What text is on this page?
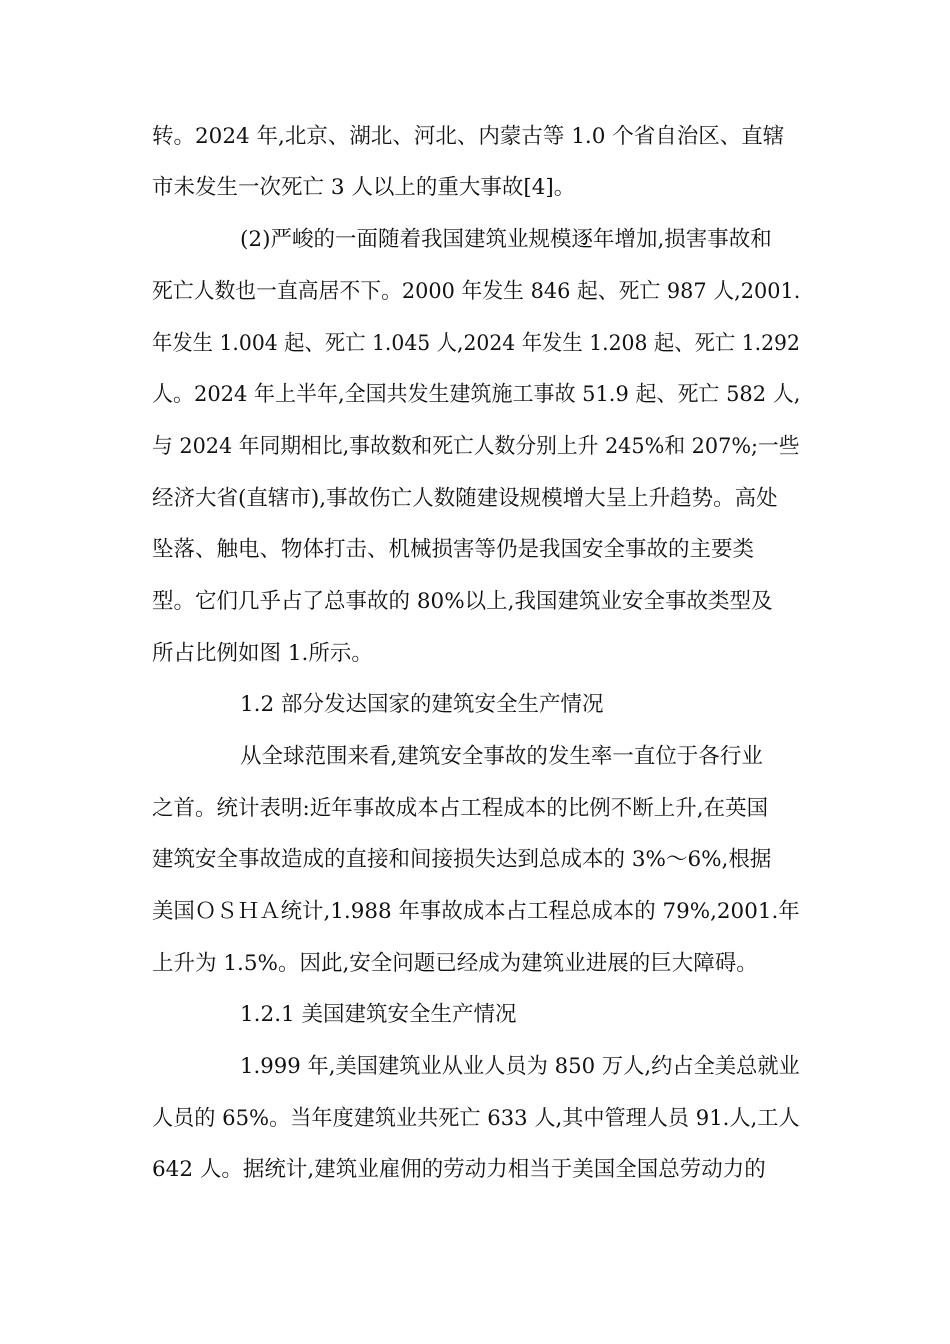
转。2024 年,北京、湖北、河北、内蒙古等 1.0 个省自治区、直辖
市未发生一次死亡 3 人以上的重大事故[4]。
(2)严峻的一面随着我国建筑业规模逐年增加,损害事故和
死亡人数也一直高居不下。2000 年发生 846 起、死亡 987 人,2001.
年发生 1.004 起、死亡 1.045 人,2024 年发生 1.208 起、死亡 1.292
人。2024 年上半年,全国共发生建筑施工事故 51.9 起、死亡 582 人,
与 2024 年同期相比,事故数和死亡人数分别上升 245%和 207%;一些
经济大省(直辖市),事故伤亡人数随建设规模增大呈上升趋势。高处
坠落、触电、物体打击、机械损害等仍是我国安全事故的主要类
型。它们几乎占了总事故的 80%以上,我国建筑业安全事故类型及
所占比例如图 1.所示。
1.2 部分发达国家的建筑安全生产情况
从全球范围来看,建筑安全事故的发生率一直位于各行业
之首。统计表明:近年事故成本占工程成本的比例不断上升,在英国
建筑安全事故造成的直接和间接损失达到总成本的 3%～6%,根据
美国ＯＳＨＡ统计,1.988 年事故成本占工程总成本的 79%,2001.年
上升为 1.5%。因此,安全问题已经成为建筑业进展的巨大障碍。
1.2.1 美国建筑安全生产情况
1.999 年,美国建筑业从业人员为 850 万人,约占全美总就业
人员的 65%。当年度建筑业共死亡 633 人,其中管理人员 91.人,工人
642 人。据统计,建筑业雇佣的劳动力相当于美国全国总劳动力的
